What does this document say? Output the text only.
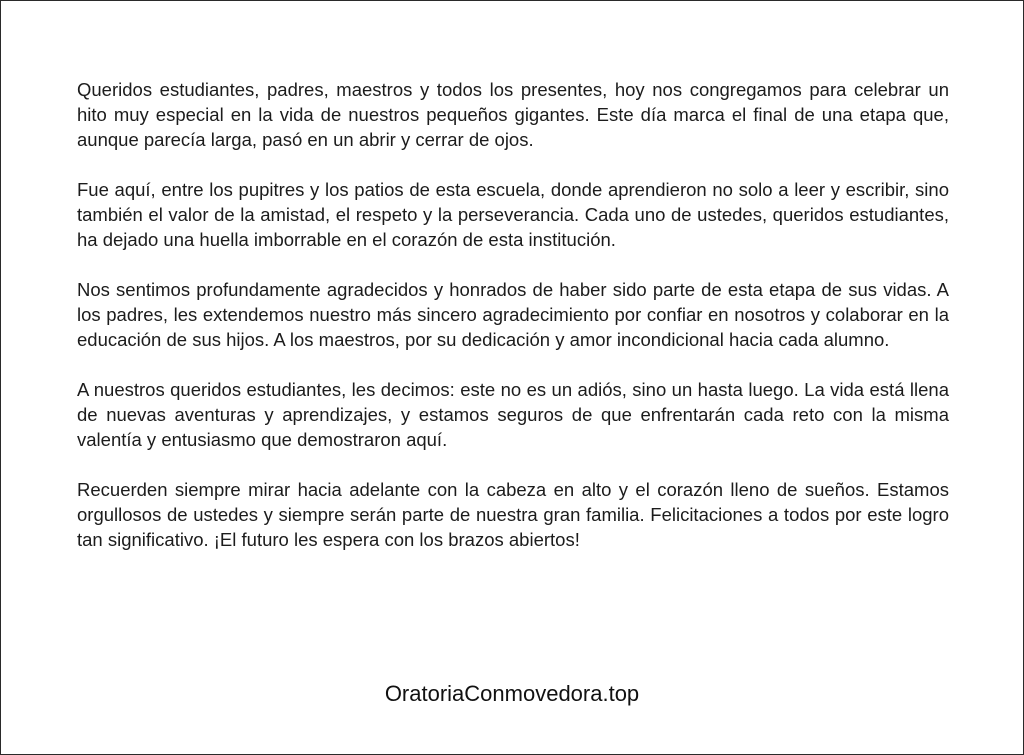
Queridos estudiantes, padres, maestros y todos los presentes, hoy nos congregamos para celebrar un hito muy especial en la vida de nuestros pequeños gigantes. Este día marca el final de una etapa que, aunque parecía larga, pasó en un abrir y cerrar de ojos.

Fue aquí, entre los pupitres y los patios de esta escuela, donde aprendieron no solo a leer y escribir, sino también el valor de la amistad, el respeto y la perseverancia. Cada uno de ustedes, queridos estudiantes, ha dejado una huella imborrable en el corazón de esta institución.

Nos sentimos profundamente agradecidos y honrados de haber sido parte de esta etapa de sus vidas. A los padres, les extendemos nuestro más sincero agradecimiento por confiar en nosotros y colaborar en la educación de sus hijos. A los maestros, por su dedicación y amor incondicional hacia cada alumno.

A nuestros queridos estudiantes, les decimos: este no es un adiós, sino un hasta luego. La vida está llena de nuevas aventuras y aprendizajes, y estamos seguros de que enfrentarán cada reto con la misma valentía y entusiasmo que demostraron aquí.

Recuerden siempre mirar hacia adelante con la cabeza en alto y el corazón lleno de sueños. Estamos orgullosos de ustedes y siempre serán parte de nuestra gran familia. Felicitaciones a todos por este logro tan significativo. ¡El futuro les espera con los brazos abiertos!

OratoriaConmovedora.top
